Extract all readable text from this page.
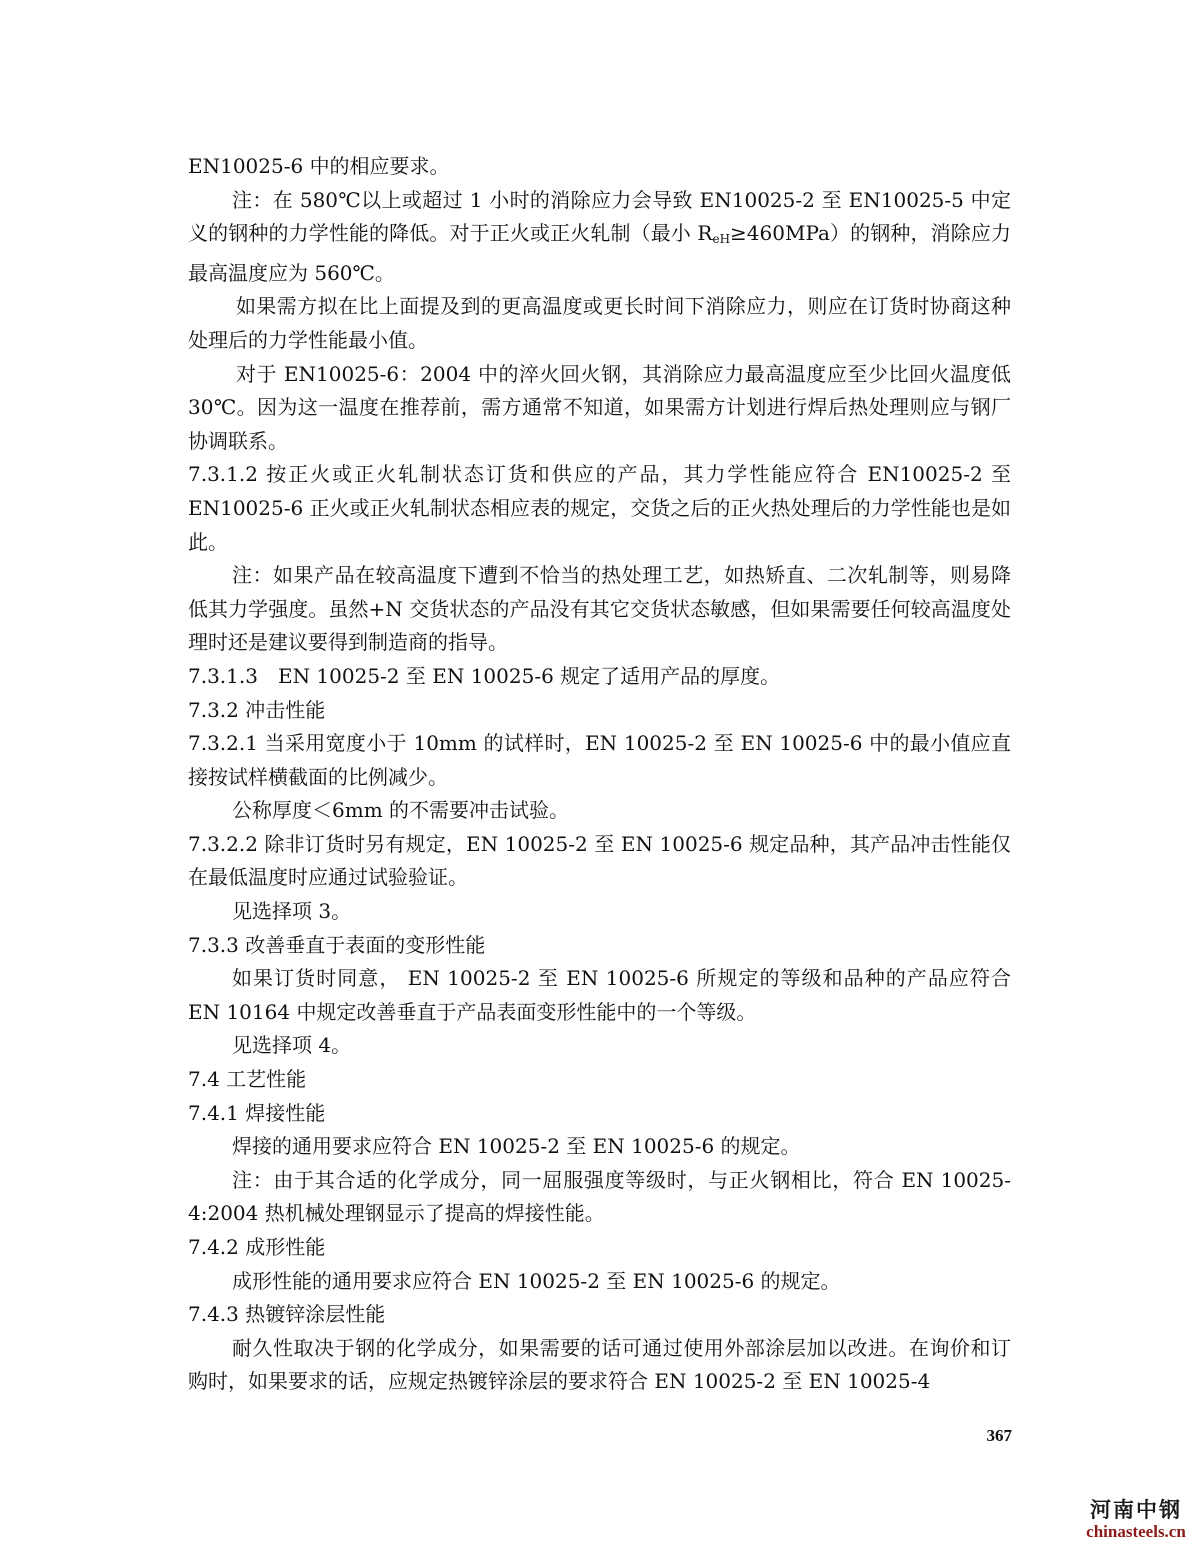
EN10025-6 中的相应要求。

注：在 580℃以上或超过 1 小时的消除应力会导致 EN10025-2 至 EN10025-5 中定义的钢种的力学性能的降低。对于正火或正火轧制（最小 $R_{eH}\ge 460MPa$）的钢种，消除应力最高温度应为 560℃。

如果需方拟在比上面提及到的更高温度或更长时间下消除应力，则应在订货时协商这种处理后的力学性能最小值。

对于 EN10025-6：2004 中的淬火回火钢，其消除应力最高温度应至少比回火温度低 30℃。因为这一温度在推荐前，需方通常不知道，如果需方计划进行焊后热处理则应与钢厂协调联系。

7.3.1.2 按正火或正火轧制状态订货和供应的产品，其力学性能应符合 EN10025-2 至 EN10025-6 正火或正火轧制状态相应表的规定，交货之后的正火热处理后的力学性能也是如此。

注：如果产品在较高温度下遭到不恰当的热处理工艺，如热矫直、二次轧制等，则易降低其力学强度。虽然+N 交货状态的产品没有其它交货状态敏感，但如果需要任何较高温度处理时还是建议要得到制造商的指导。

7.3.1.3　EN 10025-2 至 EN 10025-6 规定了适用产品的厚度。

7.3.2 冲击性能

7.3.2.1 当采用宽度小于 10mm 的试样时，EN 10025-2 至 EN 10025-6 中的最小值应直接按试样横截面的比例减少。

公称厚度＜6mm 的不需要冲击试验。

7.3.2.2 除非订货时另有规定，EN 10025-2 至 EN 10025-6 规定品种，其产品冲击性能仅在最低温度时应通过试验验证。

见选择项 3。

7.3.3 改善垂直于表面的变形性能

如果订货时同意， EN 10025-2 至 EN 10025-6 所规定的等级和品种的产品应符合 EN 10164 中规定改善垂直于产品表面变形性能中的一个等级。

见选择项 4。

7.4 工艺性能

7.4.1 焊接性能

焊接的通用要求应符合 EN 10025-2 至 EN 10025-6 的规定。

注：由于其合适的化学成分，同一屈服强度等级时，与正火钢相比，符合 EN 10025-4:2004 热机械处理钢显示了提高的焊接性能。

7.4.2 成形性能

成形性能的通用要求应符合 EN 10025-2 至 EN 10025-6 的规定。

7.4.3 热镀锌涂层性能

耐久性取决于钢的化学成分，如果需要的话可通过使用外部涂层加以改进。在询价和订购时，如果要求的话，应规定热镀锌涂层的要求符合 EN 10025-2 至 EN 10025-4

367
河南中钢
chinasteels.cn
